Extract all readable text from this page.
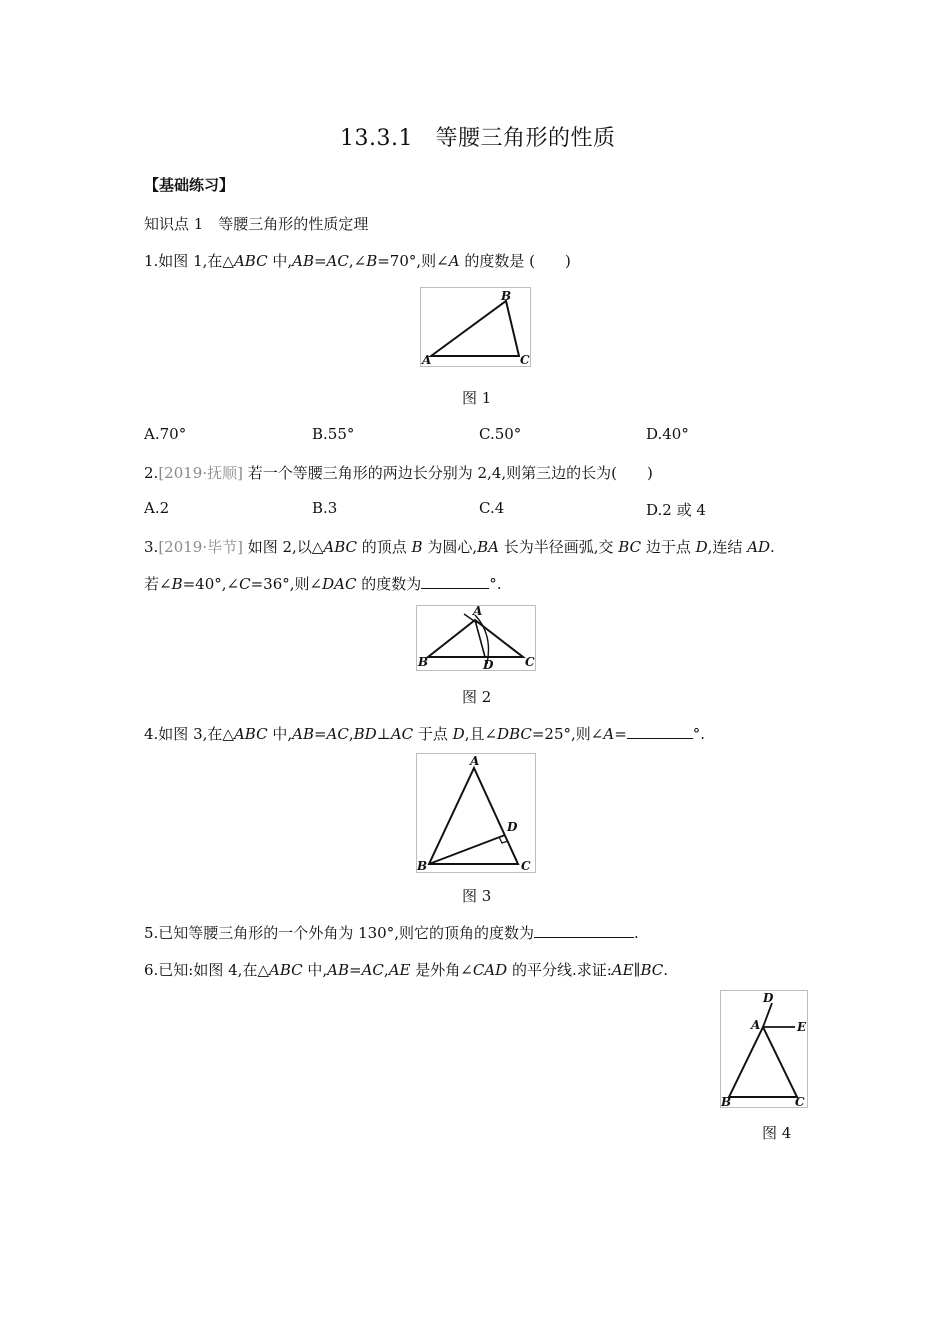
13.3.1　等腰三角形的性质
【基础练习】
知识点 1　等腰三角形的性质定理
1.如图 1,在△ABC 中,AB=AC,∠B=70°,则∠A 的度数是 (　　)
B
A	C
图 1
A.70°	B.55°	C.50°	D.40°
2.[2019·抚顺] 若一个等腰三角形的两边长分别为 2,4,则第三边的长为(　　)
A.2	B.3	C.4	D.2 或 4
3.[2019·毕节] 如图 2,以△ABC 的顶点 B 为圆心,BA 长为半径画弧,交 BC 边于点 D,连结 AD.
若∠B=40°,∠C=36°,则∠DAC 的度数为	°.
A
B	D	C
图 2
4.如图 3,在△ABC 中,AB=AC,BD⊥AC 于点 D,且∠DBC=25°,则∠A=	°.
A
D
B	C
图 3
5.已知等腰三角形的一个外角为 130°,则它的顶角的度数为	.
6.已知:如图 4,在△ABC 中,AB=AC,AE 是外角∠CAD 的平分线.求证:AE∥BC.
D
A	E
B	C
图 4
